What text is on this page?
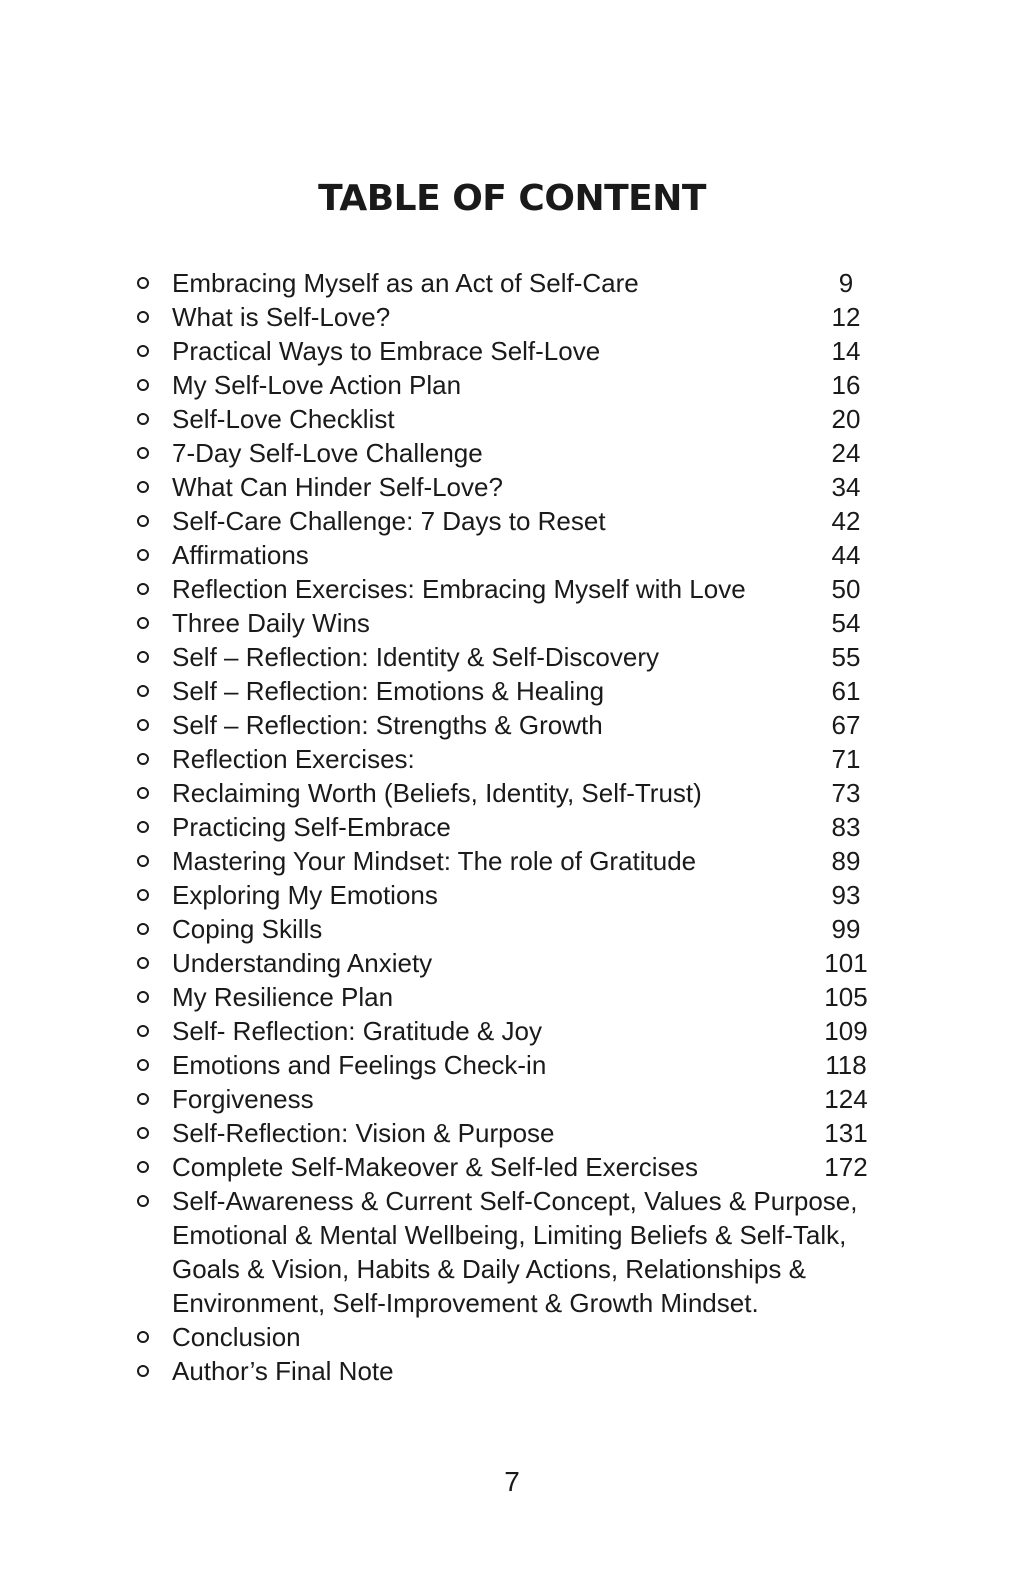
TABLE OF CONTENT
Embracing Myself as an Act of Self-Care	9
What is Self-Love?	12
Practical Ways to Embrace Self-Love	14
My Self-Love Action Plan	16
Self-Love Checklist	20
7-Day Self-Love Challenge	24
What Can Hinder Self-Love?	34
Self-Care Challenge: 7 Days to Reset	42
Affirmations	44
Reflection Exercises: Embracing Myself with Love	50
Three Daily Wins	54
Self – Reflection: Identity & Self-Discovery	55
Self – Reflection: Emotions & Healing	61
Self – Reflection: Strengths & Growth	67
Reflection Exercises:	71
Reclaiming Worth (Beliefs, Identity, Self-Trust)	73
Practicing Self-Embrace	83
Mastering Your Mindset: The role of Gratitude	89
Exploring My Emotions	93
Coping Skills	99
Understanding Anxiety	101
My Resilience Plan	105
Self- Reflection: Gratitude & Joy	109
Emotions and Feelings Check-in	118
Forgiveness	124
Self-Reflection: Vision & Purpose	131
Complete Self-Makeover & Self-led Exercises	172
Self-Awareness & Current Self-Concept, Values & Purpose, Emotional & Mental Wellbeing, Limiting Beliefs & Self-Talk, Goals & Vision, Habits & Daily Actions, Relationships & Environment, Self-Improvement & Growth Mindset.
Conclusion
Author’s Final Note
7
